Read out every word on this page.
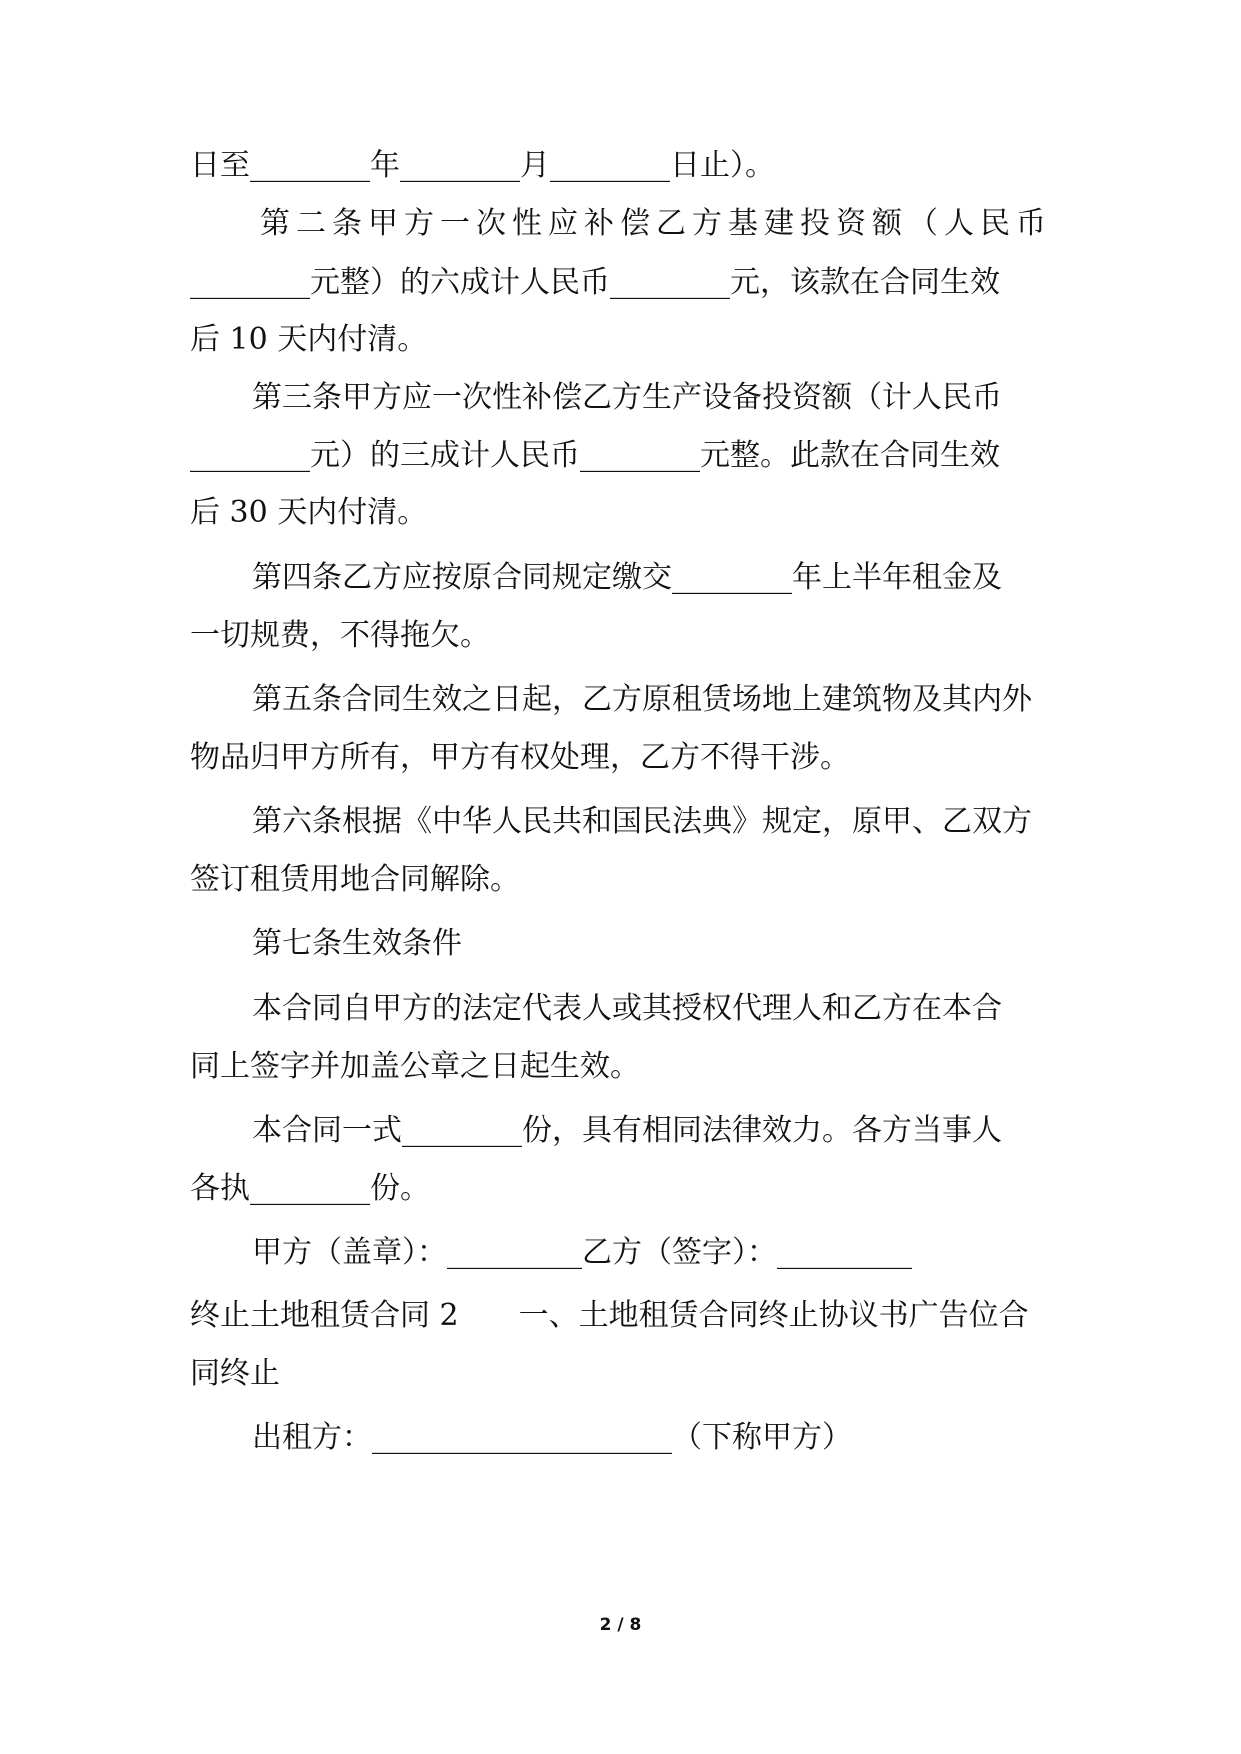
日至________年________月________日止）。
第二条甲方一次性应补偿乙方基建投资额（人民币
________元整）的六成计人民币________元，该款在合同生效
后 10 天内付清。
第三条甲方应一次性补偿乙方生产设备投资额（计人民币
________元）的三成计人民币________元整。此款在合同生效
后 30 天内付清。
第四条乙方应按原合同规定缴交________年上半年租金及
一切规费，不得拖欠。
第五条合同生效之日起，乙方原租赁场地上建筑物及其内外
物品归甲方所有，甲方有权处理，乙方不得干涉。
第六条根据《中华人民共和国民法典》规定，原甲、乙双方
签订租赁用地合同解除。
第七条生效条件
本合同自甲方的法定代表人或其授权代理人和乙方在本合
同上签字并加盖公章之日起生效。
本合同一式________份，具有相同法律效力。各方当事人
各执________份。
甲方（盖章）：_________乙方（签字）：_________
终止土地租赁合同 2　　一、土地租赁合同终止协议书广告位合
同终止
出租方：____________________（下称甲方）
2 / 8
